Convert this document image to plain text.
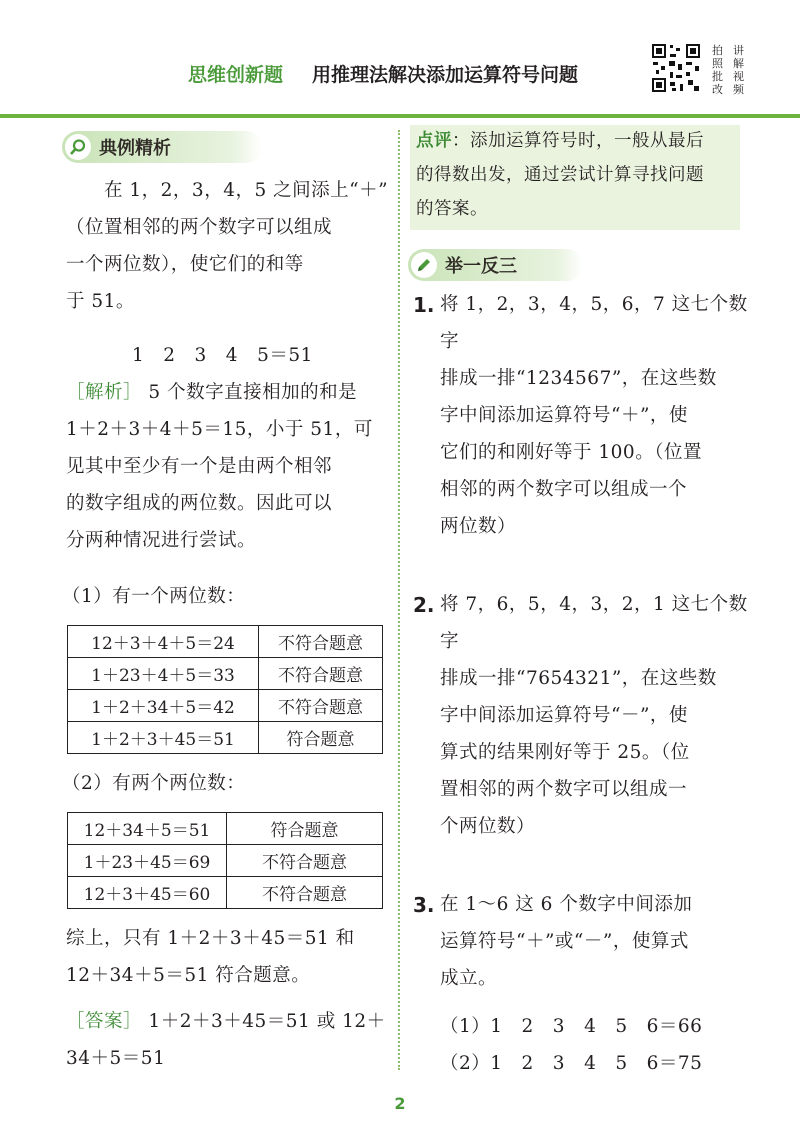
思维创新题 用推理法解决添加运算符号问题
拍 讲
照 解
批 视
改 频
典例精析
　　在 1，2，3，4，5 之间添上“＋”
（位置相邻的两个数字可以组成
一个两位数），使它们的和等
于 51。
1　2　3　4　5＝51
［解析］ 5 个数字直接相加的和是
1＋2＋3＋4＋5＝15，小于 51，可
见其中至少有一个是由两个相邻
的数字组成的两位数。因此可以
分两种情况进行尝试。
（1）有一个两位数：
12＋3＋4＋5＝24	不符合题意
1＋23＋4＋5＝33	不符合题意
1＋2＋34＋5＝42	不符合题意
1＋2＋3＋45＝51	符合题意
（2）有两个两位数：
12＋34＋5＝51	符合题意
1＋23＋45＝69	不符合题意
12＋3＋45＝60	不符合题意
综上，只有 1＋2＋3＋45＝51 和
12＋34＋5＝51 符合题意。
［答案］ 1＋2＋3＋45＝51 或 12＋
34＋5＝51
点评：添加运算符号时，一般从最后
的得数出发，通过尝试计算寻找问题
的答案。
举一反三
1. 将 1，2，3，4，5，6，7 这七个数字
排成一排“1234567”，在这些数
字中间添加运算符号“＋”，使
它们的和刚好等于 100。（位置
相邻的两个数字可以组成一个
两位数）
2. 将 7，6，5，4，3，2，1 这七个数字
排成一排“7654321”，在这些数
字中间添加运算符号“－”，使
算式的结果刚好等于 25。（位
置相邻的两个数字可以组成一
个两位数）
3. 在 1～6 这 6 个数字中间添加
运算符号“＋”或“－”，使算式
成立。
（1）1　2　3　4　5　6＝66
（2）1　2　3　4　5　6＝75
2
